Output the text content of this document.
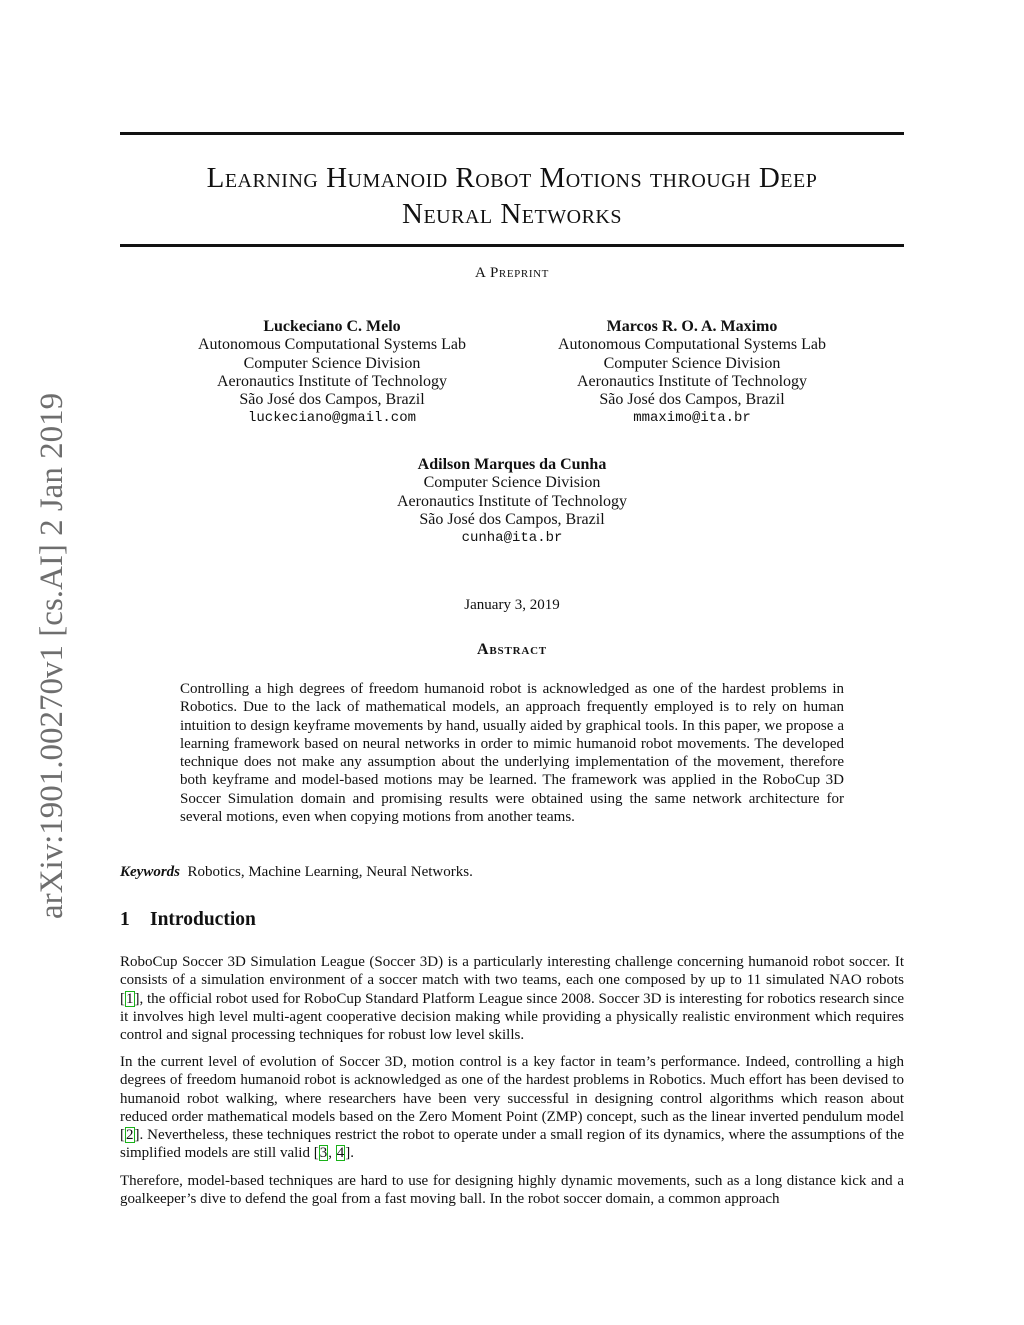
arXiv:1901.00270v1 [cs.AI] 2 Jan 2019
Learning Humanoid Robot Motions through Deep
Neural Networks
A Preprint
Luckeciano C. Melo
Autonomous Computational Systems Lab
Computer Science Division
Aeronautics Institute of Technology
São José dos Campos, Brazil
luckeciano@gmail.com
Marcos R. O. A. Maximo
Autonomous Computational Systems Lab
Computer Science Division
Aeronautics Institute of Technology
São José dos Campos, Brazil
mmaximo@ita.br
Adilson Marques da Cunha
Computer Science Division
Aeronautics Institute of Technology
São José dos Campos, Brazil
cunha@ita.br
January 3, 2019
Abstract
Controlling a high degrees of freedom humanoid robot is acknowledged as one of the hardest problems in Robotics. Due to the lack of mathematical models, an approach frequently employed is to rely on human intuition to design keyframe movements by hand, usually aided by graphical tools. In this paper, we propose a learning framework based on neural networks in order to mimic humanoid robot movements. The developed technique does not make any assumption about the underlying implementation of the movement, therefore both keyframe and model-based motions may be learned. The framework was applied in the RoboCup 3D Soccer Simulation domain and promising results were obtained using the same network architecture for several motions, even when copying motions from another teams.
Keywords Robotics, Machine Learning, Neural Networks.
1 Introduction

RoboCup Soccer 3D Simulation League (Soccer 3D) is a particularly interesting challenge concerning humanoid robot soccer. It consists of a simulation environment of a soccer match with two teams, each one composed by up to 11 simulated NAO robots [1], the official robot used for RoboCup Standard Platform League since 2008. Soccer 3D is interesting for robotics research since it involves high level multi-agent cooperative decision making while providing a physically realistic environment which requires control and signal processing techniques for robust low level skills.

In the current level of evolution of Soccer 3D, motion control is a key factor in team’s performance. Indeed, controlling a high degrees of freedom humanoid robot is acknowledged as one of the hardest problems in Robotics. Much effort has been devised to humanoid robot walking, where researchers have been very successful in designing control algorithms which reason about reduced order mathematical models based on the Zero Moment Point (ZMP) concept, such as the linear inverted pendulum model [2]. Nevertheless, these techniques restrict the robot to operate under a small region of its dynamics, where the assumptions of the simplified models are still valid [3, 4].

Therefore, model-based techniques are hard to use for designing highly dynamic movements, such as a long distance kick and a goalkeeper’s dive to defend the goal from a fast moving ball. In the robot soccer domain, a common approach
